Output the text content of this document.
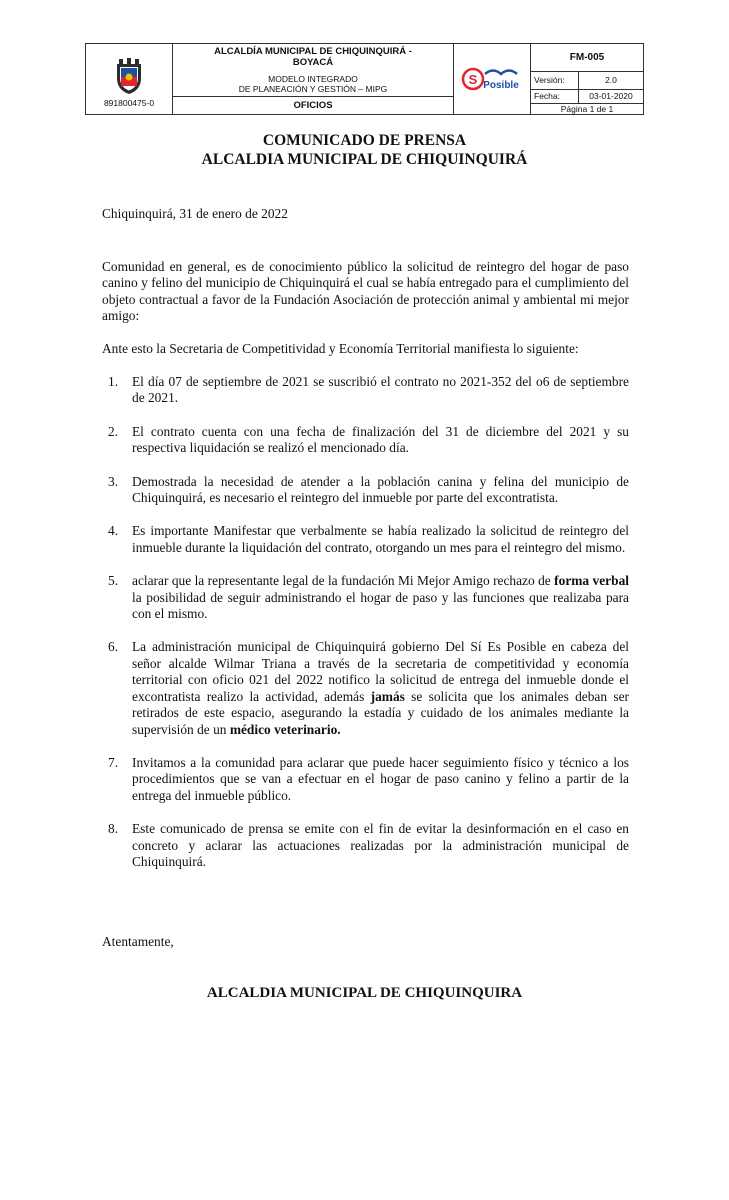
891800475-0
ALCALDÍA MUNICIPAL DE CHIQUINQUIRÁ -
BOYACÁ
MODELO INTEGRADO
DE PLANEACIÓN Y GESTIÓN – MIPG
OFICIOS
S Posible
FM-005
Versión:	2.0
Fecha:	03-01-2020
Página 1 de 1
COMUNICADO DE PRENSA
ALCALDIA MUNICIPAL DE CHIQUINQUIRÁ
Chiquinquirá, 31 de enero de 2022
Comunidad en general, es de conocimiento público la solicitud de reintegro del hogar de paso canino y felino del municipio de Chiquinquirá el cual se había entregado para el cumplimiento del objeto contractual a favor de la Fundación Asociación de protección animal y ambiental mi mejor amigo:
Ante esto la Secretaria de Competitividad y Economía Territorial manifiesta lo siguiente:
1. El día 07 de septiembre de 2021 se suscribió el contrato no 2021-352 del o6 de septiembre de 2021.
2. El contrato cuenta con una fecha de finalización del 31 de diciembre del 2021 y su respectiva liquidación se realizó el mencionado día.
3. Demostrada la necesidad de atender a la población canina y felina del municipio de Chiquinquirá, es necesario el reintegro del inmueble por parte del excontratista.
4. Es importante Manifestar que verbalmente se había realizado la solicitud de reintegro del inmueble durante la liquidación del contrato, otorgando un mes para el reintegro del mismo.
5. aclarar que la representante legal de la fundación Mi Mejor Amigo rechazo de forma verbal la posibilidad de seguir administrando el hogar de paso y las funciones que realizaba para con el mismo.
6. La administración municipal de Chiquinquirá gobierno Del Sí Es Posible en cabeza del señor alcalde Wilmar Triana a través de la secretaria de competitividad y economía territorial con oficio 021 del 2022 notifico la solicitud de entrega del inmueble donde el excontratista realizo la actividad, además jamás se solicita que los animales deban ser retirados de este espacio, asegurando la estadía y cuidado de los animales mediante la supervisión de un médico veterinario.
7. Invitamos a la comunidad para aclarar que puede hacer seguimiento físico y técnico a los procedimientos que se van a efectuar en el hogar de paso canino y felino a partir de la entrega del inmueble público.
8. Este comunicado de prensa se emite con el fin de evitar la desinformación en el caso en concreto y aclarar las actuaciones realizadas por la administración municipal de Chiquinquirá.
Atentamente,
ALCALDIA MUNICIPAL DE CHIQUINQUIRA
